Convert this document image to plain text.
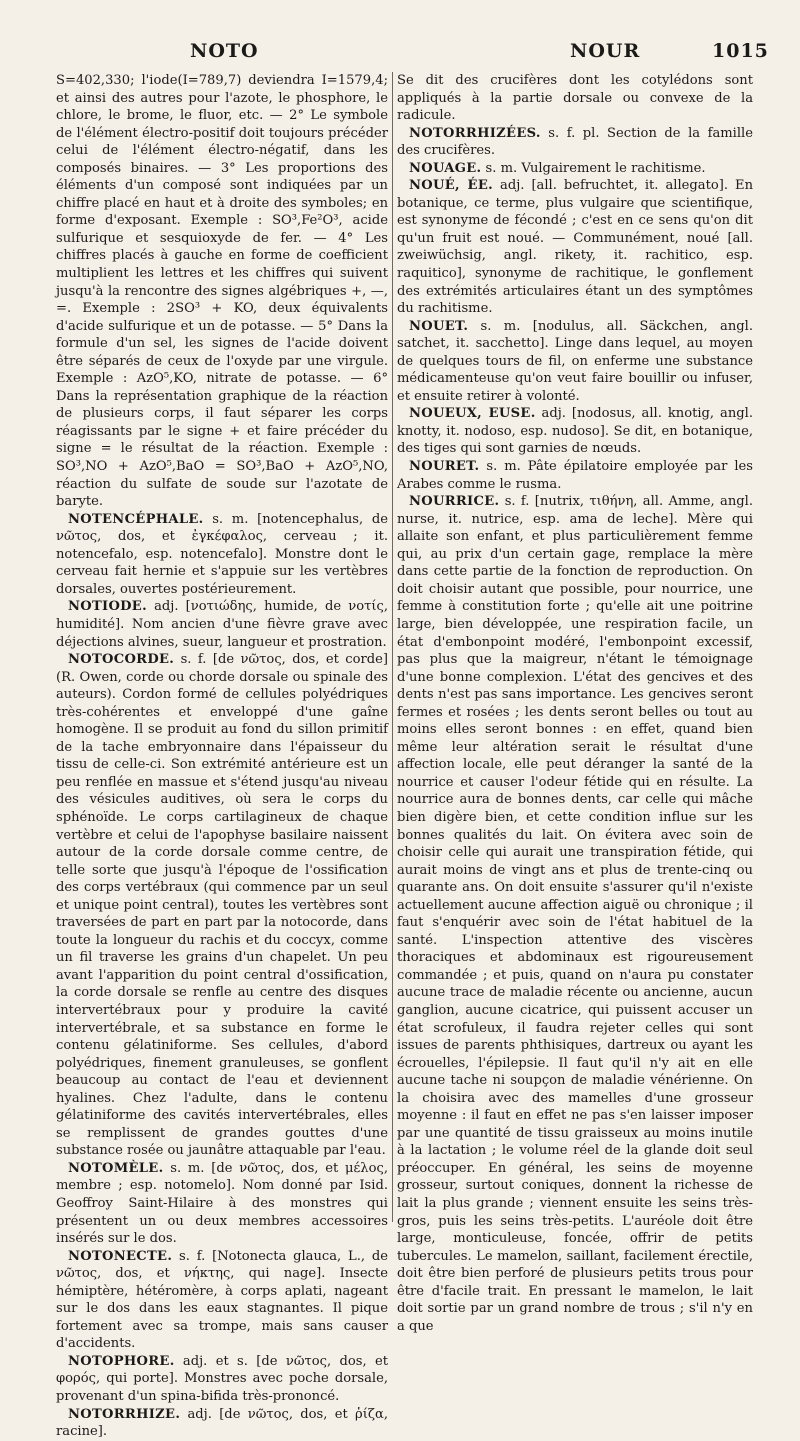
NOTO	NOUR	1015

S=402,330; l'iode(I=789,7) deviendra I=1579,4; et ainsi des autres pour l'azote, le phosphore, le chlore, le brome, le fluor, etc. — 2° Le symbole de l'élément électro-positif doit toujours précéder celui de l'élément électro-négatif, dans les composés binaires. — 3° Les proportions des éléments d'un composé sont indiquées par un chiffre placé en haut et à droite des symboles; en forme d'exposant. Exemple : SO³,Fe²O³, acide sulfurique et sesquioxyde de fer. — 4° Les chiffres placés à gauche en forme de coefficient multiplient les lettres et les chiffres qui suivent jusqu'à la rencontre des signes algébriques +, —, =. Exemple : 2SO³ + KO, deux équivalents d'acide sulfurique et un de potasse. — 5° Dans la formule d'un sel, les signes de l'acide doivent être séparés de ceux de l'oxyde par une virgule. Exemple : AzO⁵,KO, nitrate de potasse. — 6° Dans la représentation graphique de la réaction de plusieurs corps, il faut séparer les corps réagissants par le signe + et faire précéder du signe = le résultat de la réaction. Exemple : SO³,NO + AzO⁵,BaO = SO³,BaO + AzO⁵,NO, réaction du sulfate de soude sur l'azotate de baryte.

NOTENCÉPHALE. s. m. [notencephalus, de νῶτος, dos, et ἐγκέφαλος, cerveau ; it. notencefalo, esp. notencefalo]. Monstre dont le cerveau fait hernie et s'appuie sur les vertèbres dorsales, ouvertes postérieurement.

NOTIODE. adj. [νοτιώδης, humide, de νοτίς, humidité]. Nom ancien d'une fièvre grave avec déjections alvines, sueur, langueur et prostration.

NOTOCORDE. s. f. [de νῶτος, dos, et corde] (R. Owen, corde ou chorde dorsale ou spinale des auteurs). Cordon formé de cellules polyédriques très-cohérentes et enveloppé d'une gaîne homogène. Il se produit au fond du sillon primitif de la tache embryonnaire dans l'épaisseur du tissu de celle-ci. Son extrémité antérieure est un peu renflée en massue et s'étend jusqu'au niveau des vésicules auditives, où sera le corps du sphénoïde. Le corps cartilagineux de chaque vertèbre et celui de l'apophyse basilaire naissent autour de la corde dorsale comme centre, de telle sorte que jusqu'à l'époque de l'ossification des corps vertébraux (qui commence par un seul et unique point central), toutes les vertèbres sont traversées de part en part par la notocorde, dans toute la longueur du rachis et du coccyx, comme un fil traverse les grains d'un chapelet. Un peu avant l'apparition du point central d'ossification, la corde dorsale se renfle au centre des disques intervertébraux pour y produire la cavité intervertébrale, et sa substance en forme le contenu gélatiniforme. Ses cellules, d'abord polyédriques, finement granuleuses, se gonflent beaucoup au contact de l'eau et deviennent hyalines. Chez l'adulte, dans le contenu gélatiniforme des cavités intervertébrales, elles se remplissent de grandes gouttes d'une substance rosée ou jaunâtre attaquable par l'eau.

NOTOMÈLE. s. m. [de νῶτος, dos, et μέλος, membre ; esp. notomelo]. Nom donné par Isid. Geoffroy Saint-Hilaire à des monstres qui présentent un ou deux membres accessoires insérés sur le dos.

NOTONECTE. s. f. [Notonecta glauca, L., de νῶτος, dos, et νήκτης, qui nage]. Insecte hémiptère, hétéromère, à corps aplati, nageant sur le dos dans les eaux stagnantes. Il pique fortement avec sa trompe, mais sans causer d'accidents.

NOTOPHORE. adj. et s. [de νῶτος, dos, et φορός, qui porte]. Monstres avec poche dorsale, provenant d'un spina-bifida très-prononcé.

NOTORRHIZE. adj. [de νῶτος, dos, et ῥίζα, racine].

Se dit des crucifères dont les cotylédons sont appliqués à la partie dorsale ou convexe de la radicule.

NOTORRHIZÉES. s. f. pl. Section de la famille des crucifères.

NOUAGE. s. m. Vulgairement le rachitisme.

NOUÉ, ÉE. adj. [all. befruchtet, it. allegato]. En botanique, ce terme, plus vulgaire que scientifique, est synonyme de fécondé ; c'est en ce sens qu'on dit qu'un fruit est noué. — Communément, noué [all. zweiwüchsig, angl. rikety, it. rachitico, esp. raquitico], synonyme de rachitique, le gonflement des extrémités articulaires étant un des symptômes du rachitisme.

NOUET. s. m. [nodulus, all. Säckchen, angl. satchet, it. sacchetto]. Linge dans lequel, au moyen de quelques tours de fil, on enferme une substance médicamenteuse qu'on veut faire bouillir ou infuser, et ensuite retirer à volonté.

NOUEUX, EUSE. adj. [nodosus, all. knotig, angl. knotty, it. nodoso, esp. nudoso]. Se dit, en botanique, des tiges qui sont garnies de nœuds.

NOURET. s. m. Pâte épilatoire employée par les Arabes comme le rusma.

NOURRICE. s. f. [nutrix, τιθήνη, all. Amme, angl. nurse, it. nutrice, esp. ama de leche]. Mère qui allaite son enfant, et plus particulièrement femme qui, au prix d'un certain gage, remplace la mère dans cette partie de la fonction de reproduction. On doit choisir autant que possible, pour nourrice, une femme à constitution forte ; qu'elle ait une poitrine large, bien développée, une respiration facile, un état d'embonpoint modéré, l'embonpoint excessif, pas plus que la maigreur, n'étant le témoignage d'une bonne complexion. L'état des gencives et des dents n'est pas sans importance. Les gencives seront fermes et rosées ; les dents seront belles ou tout au moins elles seront bonnes : en effet, quand bien même leur altération serait le résultat d'une affection locale, elle peut déranger la santé de la nourrice et causer l'odeur fétide qui en résulte. La nourrice aura de bonnes dents, car celle qui mâche bien digère bien, et cette condition influe sur les bonnes qualités du lait. On évitera avec soin de choisir celle qui aurait une transpiration fétide, qui aurait moins de vingt ans et plus de trente-cinq ou quarante ans. On doit ensuite s'assurer qu'il n'existe actuellement aucune affection aiguë ou chronique ; il faut s'enquérir avec soin de l'état habituel de la santé. L'inspection attentive des viscères thoraciques et abdominaux est rigoureusement commandée ; et puis, quand on n'aura pu constater aucune trace de maladie récente ou ancienne, aucun ganglion, aucune cicatrice, qui puissent accuser un état scrofuleux, il faudra rejeter celles qui sont issues de parents phthisiques, dartreux ou ayant les écrouelles, l'épilepsie. Il faut qu'il n'y ait en elle aucune tache ni soupçon de maladie vénérienne. On la choisira avec des mamelles d'une grosseur moyenne : il faut en effet ne pas s'en laisser imposer par une quantité de tissu graisseux au moins inutile à la lactation ; le volume réel de la glande doit seul préoccuper. En général, les seins de moyenne grosseur, surtout coniques, donnent la richesse de lait la plus grande ; viennent ensuite les seins très-gros, puis les seins très-petits. L'auréole doit être large, monticuleuse, foncée, offrir de petits tubercules. Le mamelon, saillant, facilement érectile, doit être bien perforé de plusieurs petits trous pour être d'facile trait. En pressant le mamelon, le lait doit sortie par un grand nombre de trous ; s'il n'y en a que
